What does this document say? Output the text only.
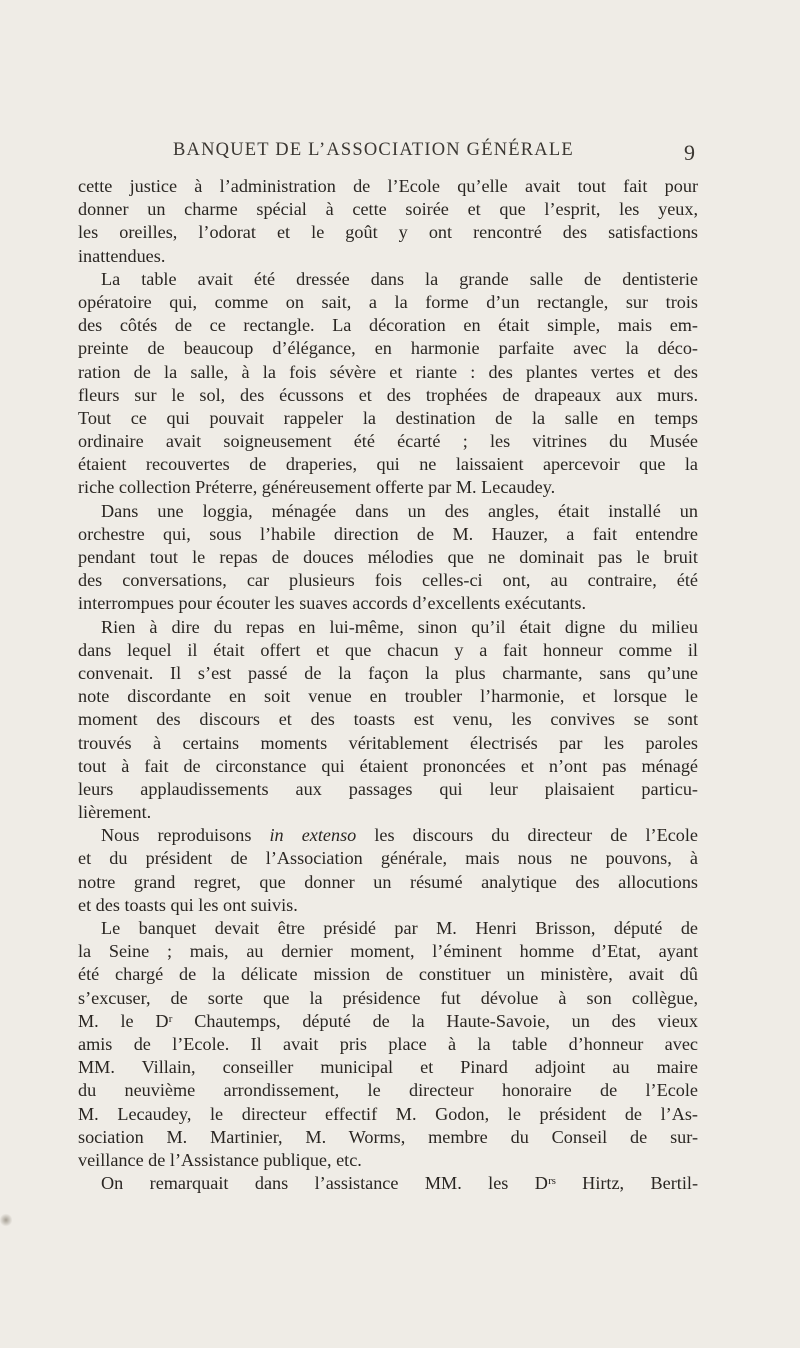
BANQUET DE L’ASSOCIATION GÉNÉRALE	9
cette justice à l’administration de l’Ecole qu’elle avait tout fait pour
donner un charme spécial à cette soirée et que l’esprit, les yeux,
les oreilles, l’odorat et le goût y ont rencontré des satisfactions
inattendues.
La table avait été dressée dans la grande salle de dentisterie
opératoire qui, comme on sait, a la forme d’un rectangle, sur trois
des côtés de ce rectangle. La décoration en était simple, mais em-
preinte de beaucoup d’élégance, en harmonie parfaite avec la déco-
ration de la salle, à la fois sévère et riante : des plantes vertes et des
fleurs sur le sol, des écussons et des trophées de drapeaux aux murs.
Tout ce qui pouvait rappeler la destination de la salle en temps
ordinaire avait soigneusement été écarté ; les vitrines du Musée
étaient recouvertes de draperies, qui ne laissaient apercevoir que la
riche collection Préterre, généreusement offerte par M. Lecaudey.
Dans une loggia, ménagée dans un des angles, était installé un
orchestre qui, sous l’habile direction de M. Hauzer, a fait entendre
pendant tout le repas de douces mélodies que ne dominait pas le bruit
des conversations, car plusieurs fois celles-ci ont, au contraire, été
interrompues pour écouter les suaves accords d’excellents exécutants.
Rien à dire du repas en lui-même, sinon qu’il était digne du milieu
dans lequel il était offert et que chacun y a fait honneur comme il
convenait. Il s’est passé de la façon la plus charmante, sans qu’une
note discordante en soit venue en troubler l’harmonie, et lorsque le
moment des discours et des toasts est venu, les convives se sont
trouvés à certains moments véritablement électrisés par les paroles
tout à fait de circonstance qui étaient prononcées et n’ont pas ménagé
leurs applaudissements aux passages qui leur plaisaient particu-
lièrement.
Nous reproduisons in extenso les discours du directeur de l’Ecole
et du président de l’Association générale, mais nous ne pouvons, à
notre grand regret, que donner un résumé analytique des allocutions
et des toasts qui les ont suivis.
Le banquet devait être présidé par M. Henri Brisson, député de
la Seine ; mais, au dernier moment, l’éminent homme d’Etat, ayant
été chargé de la délicate mission de constituer un ministère, avait dû
s’excuser, de sorte que la présidence fut dévolue à son collègue,
M. le Dʳ Chautemps, député de la Haute-Savoie, un des vieux
amis de l’Ecole. Il avait pris place à la table d’honneur avec
MM. Villain, conseiller municipal et Pinard adjoint au maire
du neuvième arrondissement, le directeur honoraire de l’Ecole
M. Lecaudey, le directeur effectif M. Godon, le président de l’As-
sociation M. Martinier, M. Worms, membre du Conseil de sur-
veillance de l’Assistance publique, etc.
On remarquait dans l’assistance MM. les Dʳˢ Hirtz, Bertil-
